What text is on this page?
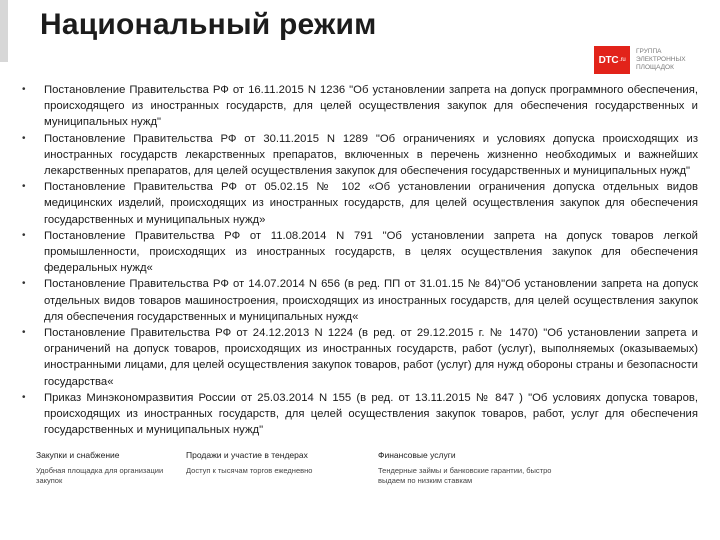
Национальный режим
DTC .ru
ГРУППА ЭЛЕКТРОННЫХ ПЛОЩАДОК
• Постановление Правительства РФ от 16.11.2015 N 1236 "Об установлении запрета на допуск программного обеспечения, происходящего из иностранных государств, для целей осуществления закупок для обеспечения государственных и муниципальных нужд"
• Постановление Правительства РФ от 30.11.2015 N 1289 "Об ограничениях и условиях допуска происходящих из иностранных государств лекарственных препаратов, включенных в перечень жизненно необходимых и важнейших лекарственных препаратов, для целей осуществления закупок для обеспечения государственных и муниципальных нужд"
• Постановление Правительства РФ от 05.02.15 № 102 «Об установлении ограничения допуска отдельных видов медицинских изделий, происходящих из иностранных государств, для целей осуществления закупок для обеспечения государственных и муниципальных нужд»
• Постановление Правительства РФ от 11.08.2014 N 791 "Об установлении запрета на допуск товаров легкой промышленности, происходящих из иностранных государств, в целях осуществления закупок для обеспечения федеральных нужд«
• Постановление Правительства РФ от 14.07.2014 N 656 (в ред. ПП от 31.01.15 № 84)"Об установлении запрета на допуск отдельных видов товаров машиностроения, происходящих из иностранных государств, для целей осуществления закупок для обеспечения государственных и муниципальных нужд«
• Постановление Правительства РФ от 24.12.2013 N 1224 (в ред. от 29.12.2015 г. № 1470) "Об установлении запрета и ограничений на допуск товаров, происходящих из иностранных государств, работ (услуг), выполняемых (оказываемых) иностранными лицами, для целей осуществления закупок товаров, работ (услуг) для нужд обороны страны и безопасности государства«
• Приказ Минэкономразвития России от 25.03.2014 N 155 (в ред. от 13.11.2015 № 847 ) "Об условиях допуска товаров, происходящих из иностранных государств, для целей осуществления закупок товаров, работ, услуг для обеспечения государственных и муниципальных нужд"
Закупки и снабжение
Удобная площадка для организации закупок
Продажи и участие в тендерах
Доступ к тысячам торгов ежедневно
Финансовые услуги
Тендерные займы и банковские гарантии, быстро выдаем по низким ставкам
